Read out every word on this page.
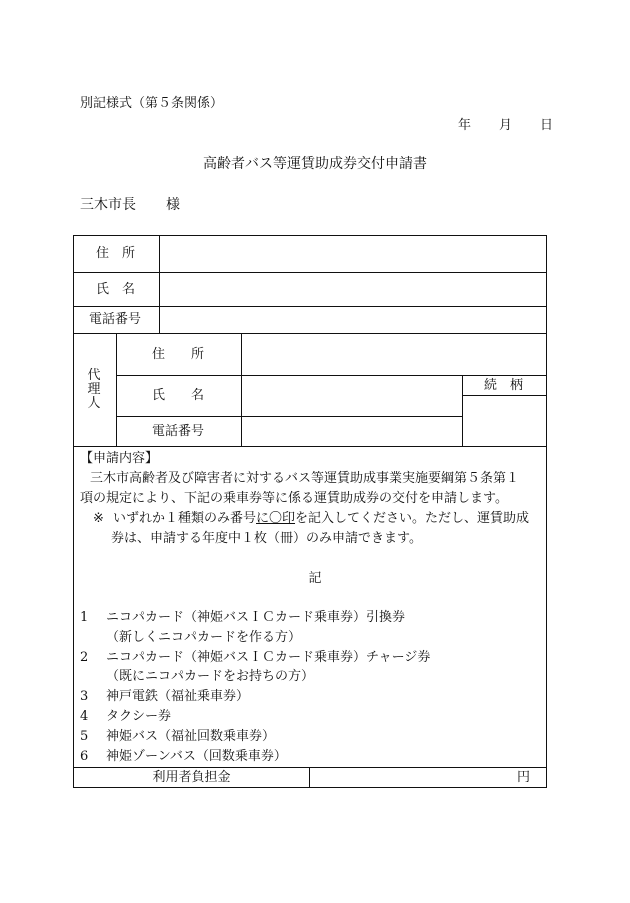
別記様式（第５条関係）
年 月 日
高齢者バス等運賃助成券交付申請書
三木市長 様
住　所
氏　名
電話番号
代
理
人
住　　所
氏　　名
電話番号
続　柄
【申請内容】
三木市高齢者及び障害者に対するバス等運賃助成事業実施要綱第５条第１
項の規定により、下記の乗車券等に係る運賃助成券の交付を申請します。
※ いずれか１種類のみ番号に〇印を記入してください。ただし、運賃助成
券は、申請する年度中１枚（冊）のみ申請できます。
記
1 ニコパカード（神姫バスＩＣカード乗車券）引換券
（新しくニコパカードを作る方）
2 ニコパカード（神姫バスＩＣカード乗車券）チャージ券
（既にニコパカードをお持ちの方）
3 神戸電鉄（福祉乗車券）
4 タクシー券
5 神姫バス（福祉回数乗車券）
6 神姫ゾーンバス（回数乗車券）
利用者負担金	円
